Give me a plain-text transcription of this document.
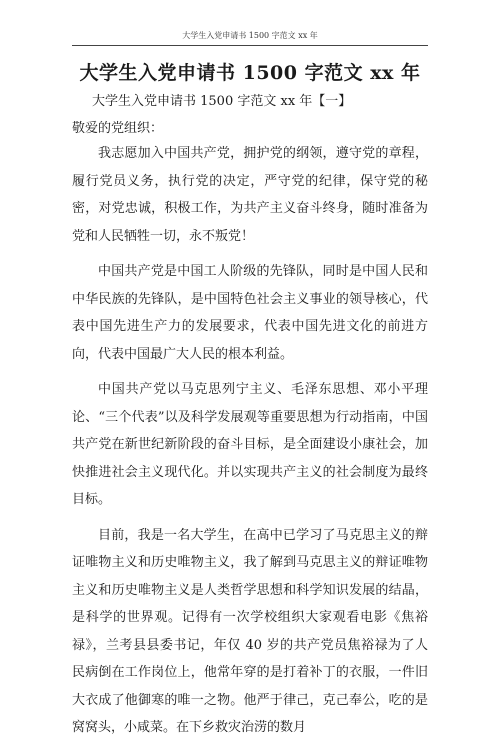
大学生入党申请书 1500 字范文 xx 年
大学生入党申请书 1500 字范文 xx 年
大学生入党申请书 1500 字范文 xx 年【一】
敬爱的党组织：

我志愿加入中国共产党，拥护党的纲领，遵守党的章程，履行党员义务，执行党的决定，严守党的纪律，保守党的秘密，对党忠诚，积极工作，为共产主义奋斗终身，随时准备为党和人民牺牲一切，永不叛党！

中国共产党是中国工人阶级的先锋队，同时是中国人民和中华民族的先锋队，是中国特色社会主义事业的领导核心，代表中国先进生产力的发展要求，代表中国先进文化的前进方向，代表中国最广大人民的根本利益。

中国共产党以马克思列宁主义、毛泽东思想、邓小平理论、“三个代表”以及科学发展观等重要思想为行动指南，中国共产党在新世纪新阶段的奋斗目标，是全面建设小康社会，加快推进社会主义现代化。并以实现共产主义的社会制度为最终目标。

目前，我是一名大学生，在高中已学习了马克思主义的辩证唯物主义和历史唯物主义，我了解到马克思主义的辩证唯物主义和历史唯物主义是人类哲学思想和科学知识发展的结晶，是科学的世界观。记得有一次学校组织大家观看电影《焦裕禄》，兰考县县委书记，年仅 40 岁的共产党员焦裕禄为了人民病倒在工作岗位上，他常年穿的是打着补丁的衣服，一件旧大衣成了他御寒的唯一之物。他严于律己，克己奉公，吃的是窝窝头，小咸菜。在下乡救灾治涝的数月
